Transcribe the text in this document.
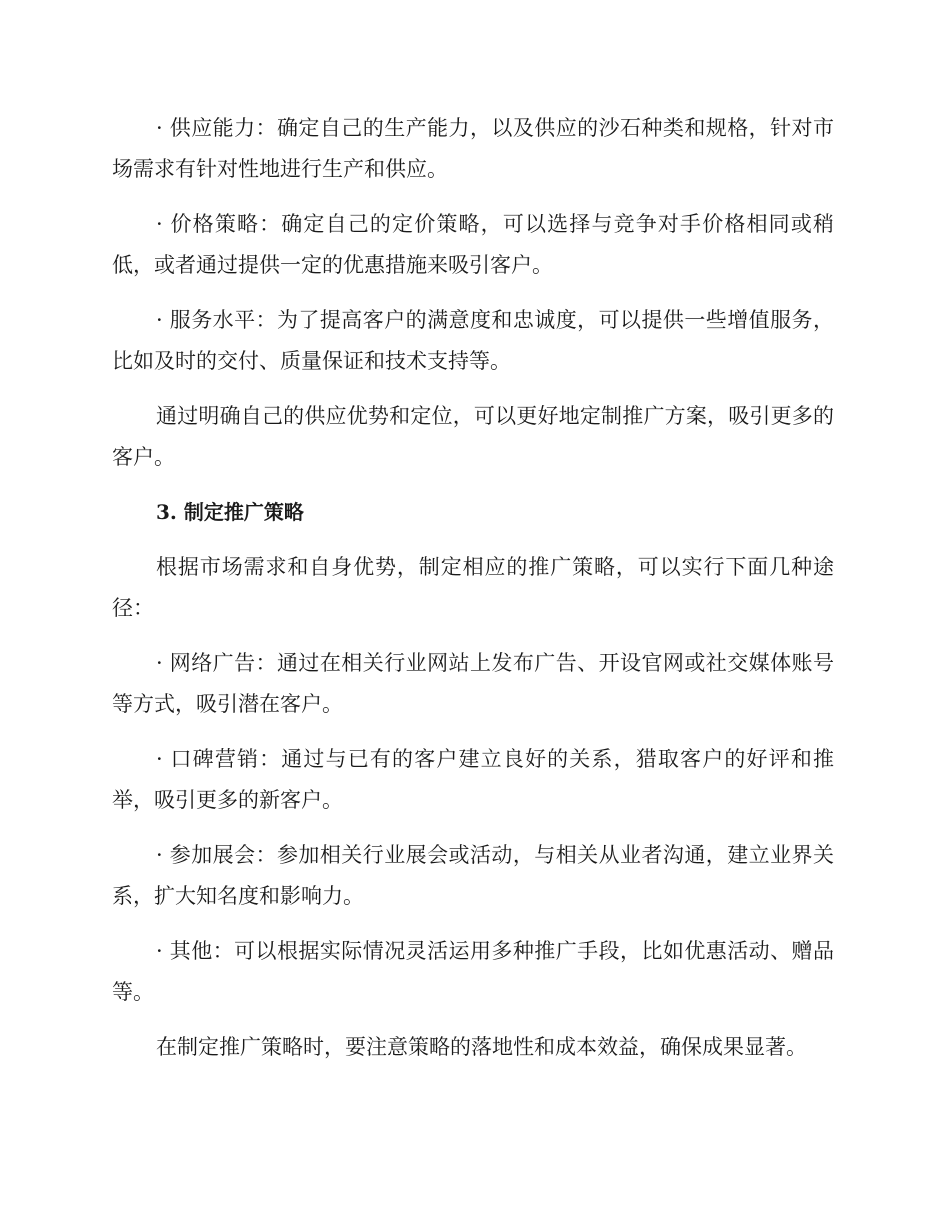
· 供应能力：确定自己的生产能力，以及供应的沙石种类和规格，针对市场需求有针对性地进行生产和供应。

· 价格策略：确定自己的定价策略，可以选择与竞争对手价格相同或稍低，或者通过提供一定的优惠措施来吸引客户。

· 服务水平：为了提高客户的满意度和忠诚度，可以提供一些增值服务，比如及时的交付、质量保证和技术支持等。

通过明确自己的供应优势和定位，可以更好地定制推广方案，吸引更多的客户。

3. 制定推广策略

根据市场需求和自身优势，制定相应的推广策略，可以实行下面几种途径：

· 网络广告：通过在相关行业网站上发布广告、开设官网或社交媒体账号等方式，吸引潜在客户。

· 口碑营销：通过与已有的客户建立良好的关系，猎取客户的好评和推举，吸引更多的新客户。

· 参加展会：参加相关行业展会或活动，与相关从业者沟通，建立业界关系，扩大知名度和影响力。

· 其他：可以根据实际情况灵活运用多种推广手段，比如优惠活动、赠品等。

在制定推广策略时，要注意策略的落地性和成本效益，确保成果显著。
